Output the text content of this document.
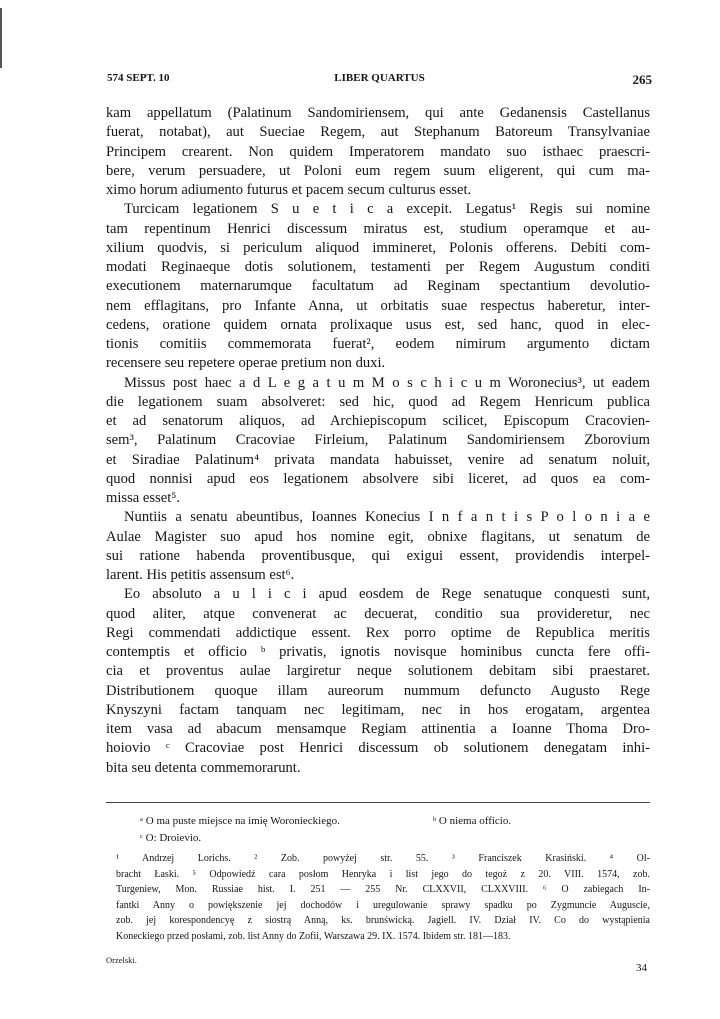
574 SEPT. 10	LIBER QUARTUS	265
kam appellatum (Palatinum Sandomiriensem, qui ante Gedanensis Castellanus
fuerat, notabat), aut Sueciae Regem, aut Stephanum Batoreum Transylvaniae
Principem crearent. Non quidem Imperatorem mandato suo isthaec praescri-
bere, verum persuadere, ut Poloni eum regem suum eligerent, qui cum ma-
ximo horum adiumento futurus et pacem secum culturus esset.
Turcicam legationem S u e t i c a excepit. Legatus¹ Regis sui nomine
tam repentinum Henrici discessum miratus est, studium operamque et au-
xilium quodvis, si periculum aliquod immineret, Polonis offerens. Debiti com-
modati Reginaeque dotis solutionem, testamenti per Regem Augustum conditi
executionem maternarumque facultatum ad Reginam spectantium devolutio-
nem efflagitans, pro Infante Anna, ut orbitatis suae respectus haberetur, inter-
cedens, oratione quidem ornata prolixaque usus est, sed hanc, quod in elec-
tionis comitiis commemorata fuerat², eodem nimirum argumento dictam
recensere seu repetere operae pretium non duxi.
Missus post haec a d L e g a t u m M o s c h i c u m Woronecius³, ut eadem
die legationem suam absolveret: sed hic, quod ad Regem Henricum publica
et ad senatorum aliquos, ad Archiepiscopum scilicet, Episcopum Cracovien-
sem³, Palatinum Cracoviae Firleium, Palatinum Sandomiriensem Zborovium
et Siradiae Palatinum⁴ privata mandata habuisset, venire ad senatum noluit,
quod nonnisi apud eos legationem absolvere sibi liceret, ad quos ea com-
missa esset⁵.
Nuntiis a senatu abeuntibus, Ioannes Konecius I n f a n t i s P o l o n i a e
Aulae Magister suo apud hos nomine egit, obnixe flagitans, ut senatum de
sui ratione habenda proventibusque, qui exigui essent, providendis interpel-
larent. His petitis assensum est⁶.
Eo absoluto a u l i c i apud eosdem de Rege senatuque conquesti sunt,
quod aliter, atque convenerat ac decuerat, conditio sua provideretur, nec
Regi commendati addictique essent. Rex porro optime de Republica meritis
contemptis et officio ᵇ privatis, ignotis novisque hominibus cuncta fere offi-
cia et proventus aulae largiretur neque solutionem debitam sibi praestaret.
Distributionem quoque illam aureorum nummum defuncto Augusto Rege
Knyszyni factam tanquam nec legitimam, nec in hos erogatam, argentea
item vasa ad abacum mensamque Regiam attinentia a Ioanne Thoma Dro-
hoiovio ᶜ Cracoviae post Henrici discessum ob solutionem denegatam inhi-
bita seu detenta commemorarunt.
ᵃ O ma puste miejsce na imię Woronieckiego.	ᵇ O niema officio.
ᶜ O: Droievio.
¹ Andrzej Lorichs. ² Zob. powyżej str. 55. ³ Franciszek Krasiński. ⁴ Ol-
bracht Łaski. ⁵ Odpowiedź cara posłom Henryka i list jego do tegoż z 20. VIII. 1574, zob.
Turgeniew, Mon. Russiae hist. I. 251 — 255 Nr. CLXXVII, CLXXVIII. ⁶ O zabiegach In-
fantki Anny o powiększenie jej dochodów i uregulowanie sprawy spadku po Zygmuncie Auguscie,
zob. jej korespondencyę z siostrą Anną, ks. brunświcką. Jagiell. IV. Dział IV. Co do wystąpienia
Koneckiego przed posłami, zob. list Anny do Zofii, Warszawa 29. IX. 1574. Ibidem str. 181—183.
Orzelski.
34
